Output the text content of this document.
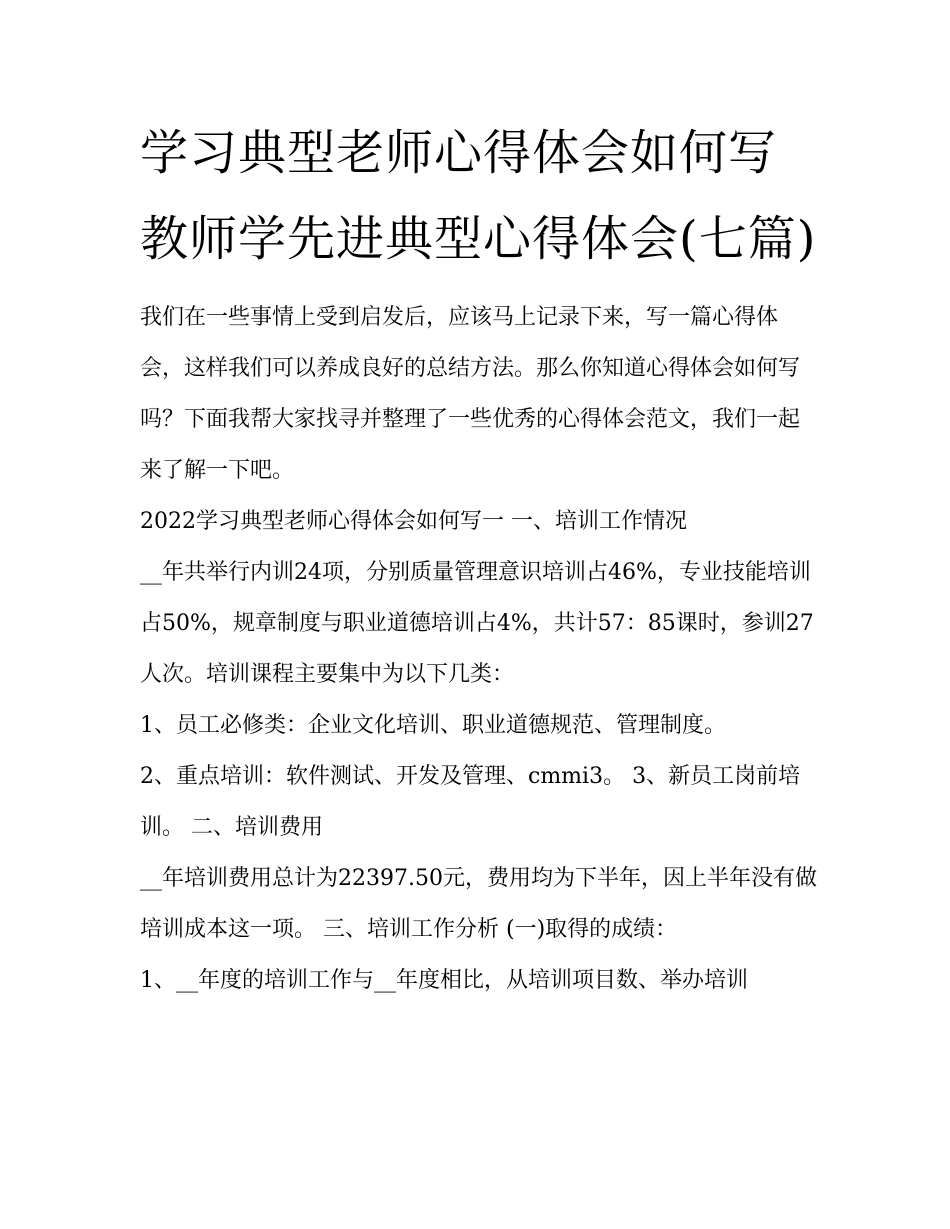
学习典型老师心得体会如何写教师学先进典型心得体会(七篇)

我们在一些事情上受到启发后，应该马上记录下来，写一篇心得体会，这样我们可以养成良好的总结方法。那么你知道心得体会如何写吗？下面我帮大家找寻并整理了一些优秀的心得体会范文，我们一起来了解一下吧。

2022学习典型老师心得体会如何写一 一、培训工作情况

__年共举行内训24项，分别质量管理意识培训占46%，专业技能培训占50%，规章制度与职业道德培训占4%，共计57：85课时，参训27人次。培训课程主要集中为以下几类：

1、员工必修类：企业文化培训、职业道德规范、管理制度。

2、重点培训：软件测试、开发及管理、cmmi3。 3、新员工岗前培训。 二、培训费用

__年培训费用总计为22397.50元，费用均为下半年，因上半年没有做培训成本这一项。 三、培训工作分析 (一)取得的成绩：

1、__年度的培训工作与__年度相比，从培训项目数、举办培训
